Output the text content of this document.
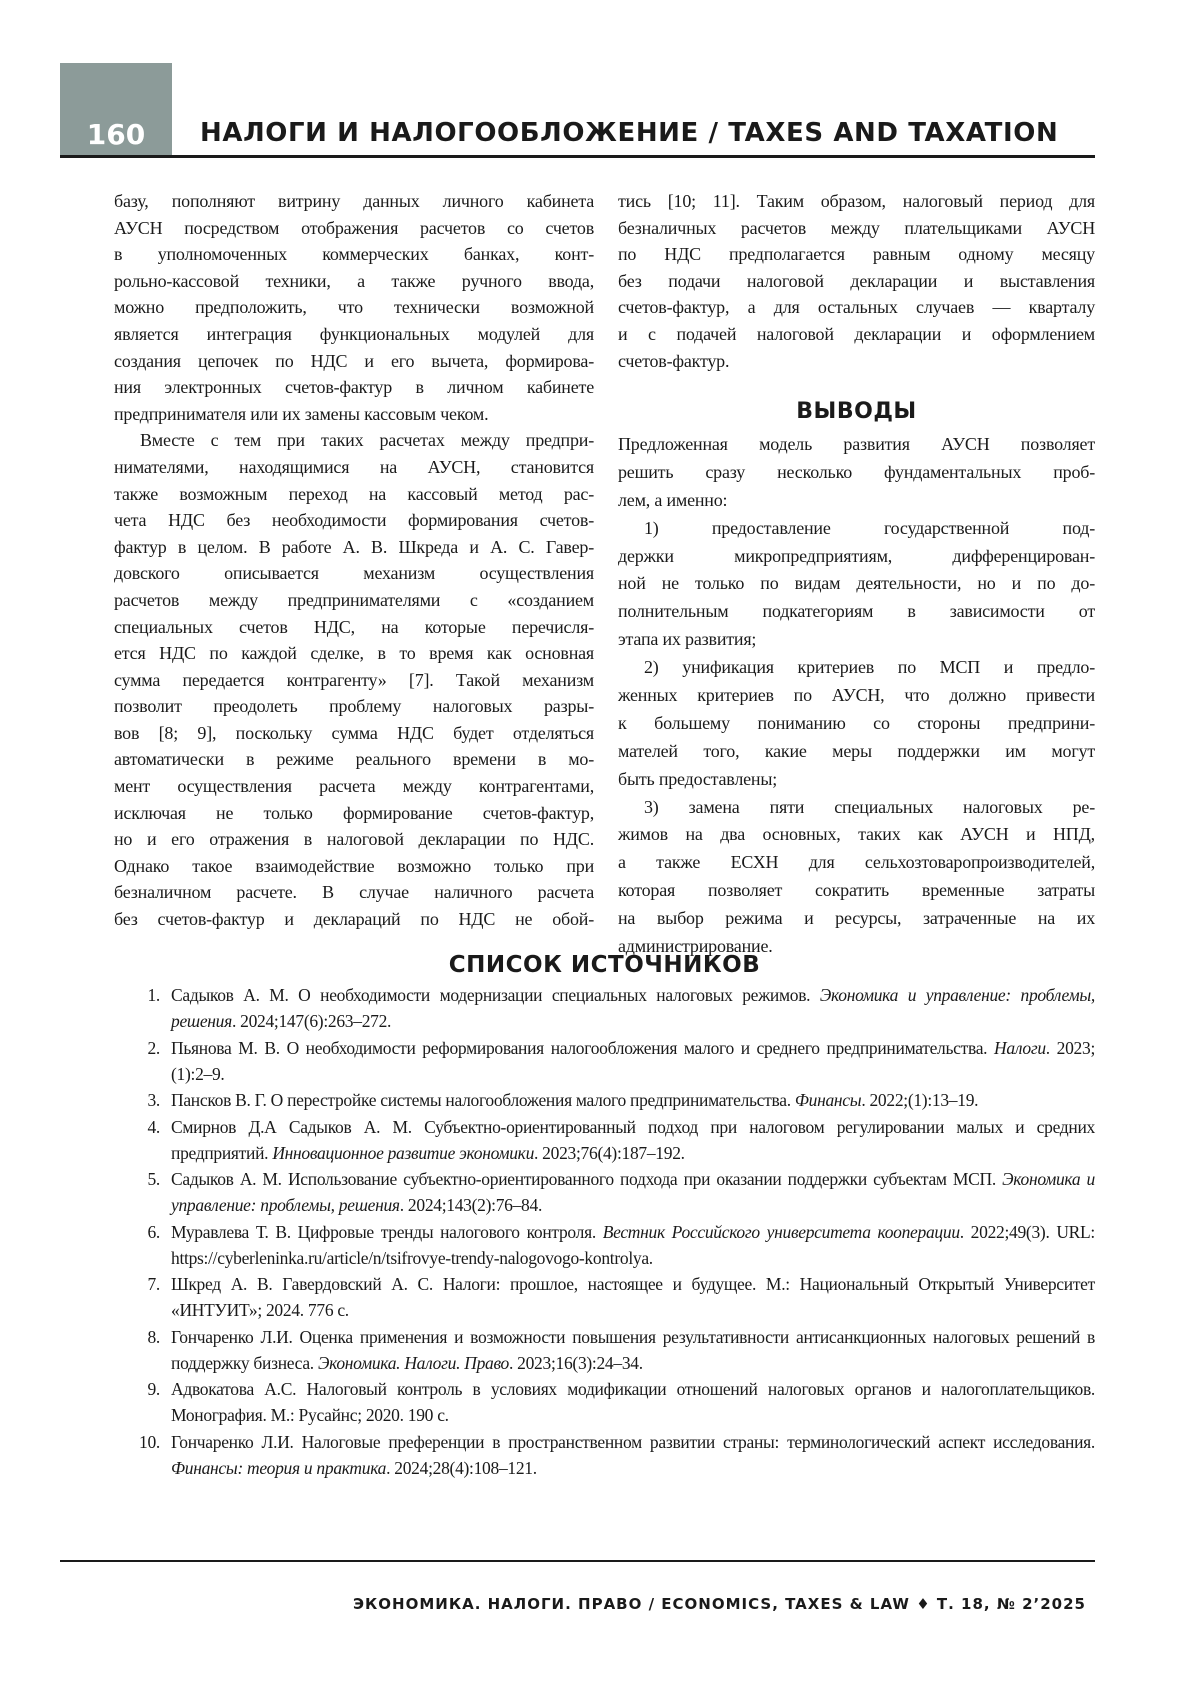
160	НАЛОГИ И НАЛОГООБЛОЖЕНИЕ / TAXES AND TAXATION
базу, пополняют витрину данных личного кабинета
АУСН посредством отображения расчетов со счетов
в уполномоченных коммерческих банках, конт-
рольно-кассовой техники, а также ручного ввода,
можно предположить, что технически возможной
является интеграция функциональных модулей для
создания цепочек по НДС и его вычета, формирова-
ния электронных счетов-фактур в личном кабинете
предпринимателя или их замены кассовым чеком.
Вместе с тем при таких расчетах между предпри-
нимателями, находящимися на АУСН, становится
также возможным переход на кассовый метод рас-
чета НДС без необходимости формирования счетов-
фактур в целом. В работе А. В. Шкреда и А. С. Гавер-
довского описывается механизм осуществления
расчетов между предпринимателями с «созданием
специальных счетов НДС, на которые перечисля-
ется НДС по каждой сделке, в то время как основная
сумма передается контрагенту» [7]. Такой механизм
позволит преодолеть проблему налоговых разры-
вов [8; 9], поскольку сумма НДС будет отделяться
автоматически в режиме реального времени в мо-
мент осуществления расчета между контрагентами,
исключая не только формирование счетов-фактур,
но и его отражения в налоговой декларации по НДС.
Однако такое взаимодействие возможно только при
безналичном расчете. В случае наличного расчета
без счетов-фактур и деклараций по НДС не обой-
тись [10; 11]. Таким образом, налоговый период для
безналичных расчетов между плательщиками АУСН
по НДС предполагается равным одному месяцу
без подачи налоговой декларации и выставления
счетов-фактур, а для остальных случаев — кварталу
и с подачей налоговой декларации и оформлением
счетов-фактур.
ВЫВОДЫ
Предложенная модель развития АУСН позволяет
решить сразу несколько фундаментальных проб-
лем, а именно:
1) предоставление государственной под-
держки микропредприятиям, дифференцирован-
ной не только по видам деятельности, но и по до-
полнительным подкатегориям в зависимости от
этапа их развития;
2) унификация критериев по МСП и предло-
женных критериев по АУСН, что должно привести
к большему пониманию со стороны предприни-
мателей того, какие меры поддержки им могут
быть предоставлены;
3) замена пяти специальных налоговых ре-
жимов на два основных, таких как АУСН и НПД,
а также ЕСХН для сельхозтоваропроизводителей,
которая позволяет сократить временные затраты
на выбор режима и ресурсы, затраченные на их
администрирование.
СПИСОК ИСТОЧНИКОВ
1. Садыков А. М. О необходимости модернизации специальных налоговых режимов. Экономика и управление: проблемы, решения. 2024;147(6):263–272.
2. Пьянова М. В. О необходимости реформирования налогообложения малого и среднего предпринимательства. Налоги. 2023;(1):2–9.
3. Пансков В. Г. О перестройке системы налогообложения малого предпринимательства. Финансы. 2022;(1):13–19.
4. Смирнов Д.А Садыков А. М. Субъектно-ориентированный подход при налоговом регулировании малых и средних предприятий. Инновационное развитие экономики. 2023;76(4):187–192.
5. Садыков А. М. Использование субъектно-ориентированного подхода при оказании поддержки субъектам МСП. Экономика и управление: проблемы, решения. 2024;143(2):76–84.
6. Муравлева Т. В. Цифровые тренды налогового контроля. Вестник Российского университета кооперации. 2022;49(3). URL: https://cyberleninka.ru/article/n/tsifrovye-trendy-nalogovogo-kontrolya.
7. Шкред А. В. Гавердовский А. С. Налоги: прошлое, настоящее и будущее. М.: Национальный Открытый Университет «ИНТУИТ»; 2024. 776 с.
8. Гончаренко Л.И. Оценка применения и возможности повышения результативности антисанкционных налоговых решений в поддержку бизнеса. Экономика. Налоги. Право. 2023;16(3):24–34.
9. Адвокатова А.С. Налоговый контроль в условиях модификации отношений налоговых органов и налогоплательщиков. Монография. М.: Русайнс; 2020. 190 с.
10. Гончаренко Л.И. Налоговые преференции в пространственном развитии страны: терминологический аспект исследования. Финансы: теория и практика. 2024;28(4):108–121.
ЭКОНОМИКА. НАЛОГИ. ПРАВО / ECONOMICS, TAXES & LAW ♦ Т. 18, № 2’2025
